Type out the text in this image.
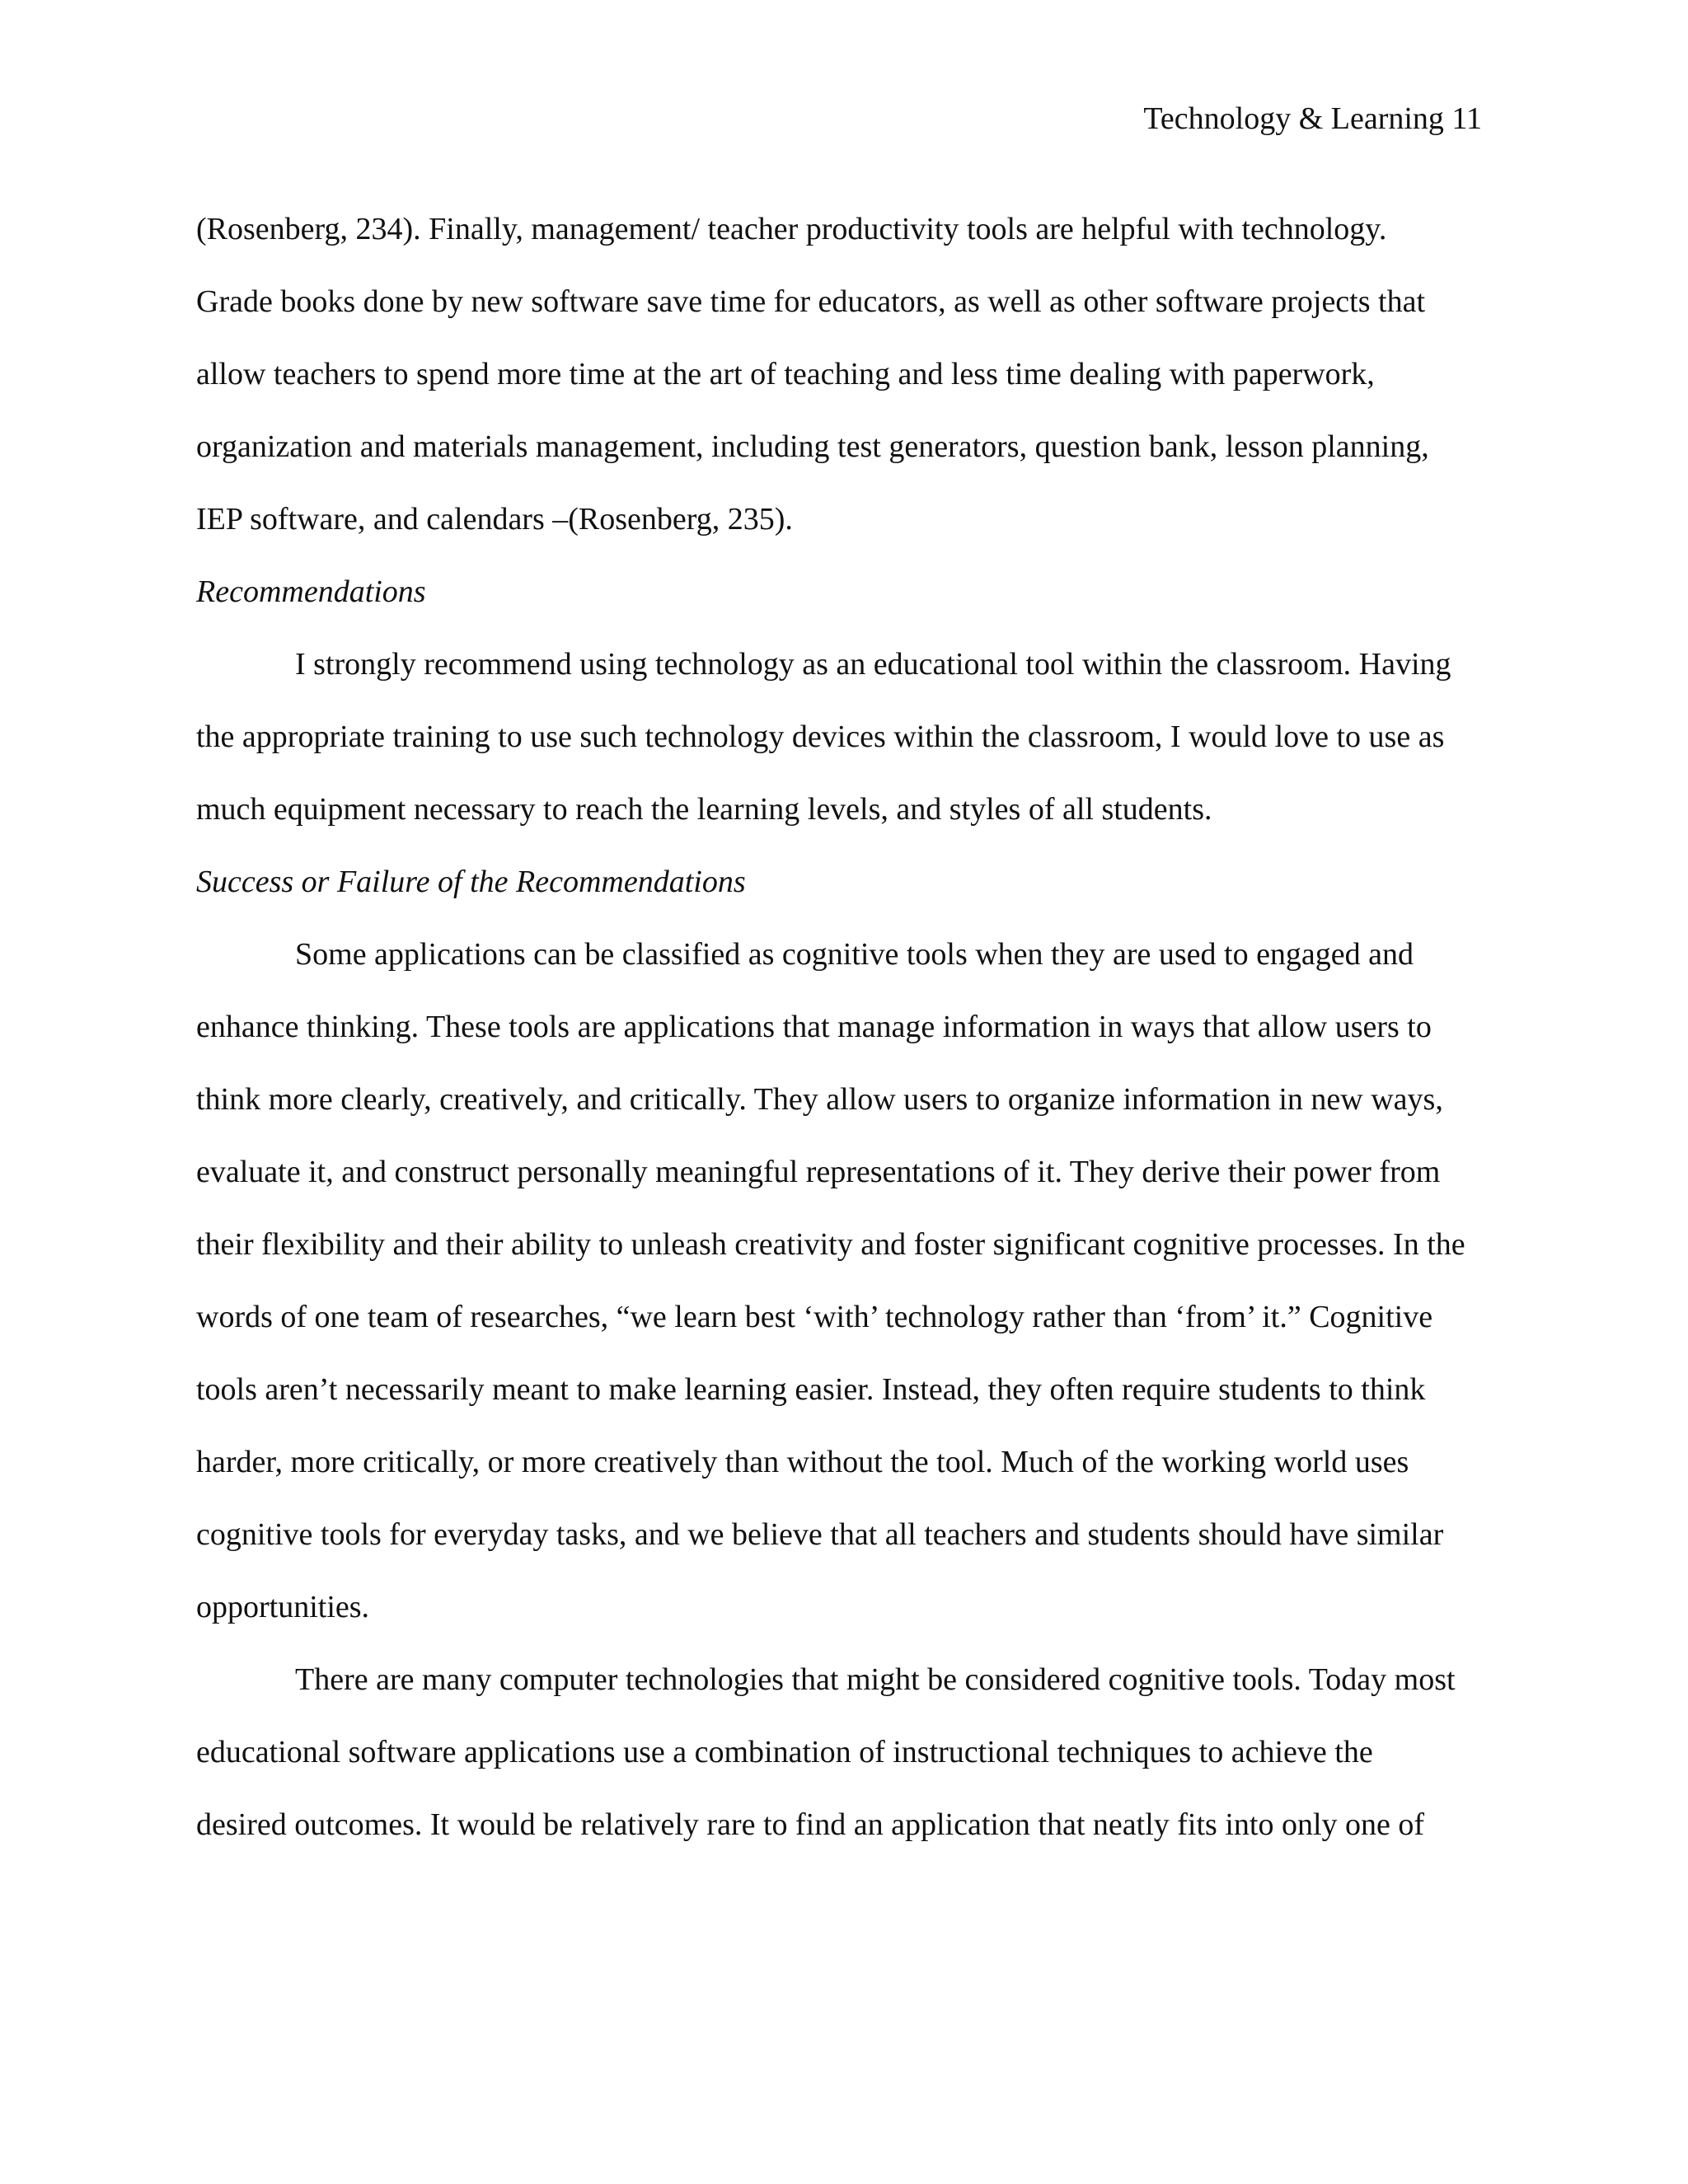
Technology & Learning 11
(Rosenberg, 234). Finally, management/ teacher productivity tools are helpful with technology.
Grade books done by new software save time for educators, as well as other software projects that
allow teachers to spend more time at the art of teaching and less time dealing with paperwork,
organization and materials management, including test generators, question bank, lesson planning,
IEP software, and calendars –(Rosenberg, 235).
Recommendations
I strongly recommend using technology as an educational tool within the classroom. Having
the appropriate training to use such technology devices within the classroom, I would love to use as
much equipment necessary to reach the learning levels, and styles of all students.
Success or Failure of the Recommendations
Some applications can be classified as cognitive tools when they are used to engaged and
enhance thinking. These tools are applications that manage information in ways that allow users to
think more clearly, creatively, and critically. They allow users to organize information in new ways,
evaluate it, and construct personally meaningful representations of it. They derive their power from
their flexibility and their ability to unleash creativity and foster significant cognitive processes. In the
words of one team of researches, “we learn best ‘with’ technology rather than ‘from’ it.” Cognitive
tools aren’t necessarily meant to make learning easier. Instead, they often require students to think
harder, more critically, or more creatively than without the tool. Much of the working world uses
cognitive tools for everyday tasks, and we believe that all teachers and students should have similar
opportunities.
There are many computer technologies that might be considered cognitive tools. Today most
educational software applications use a combination of instructional techniques to achieve the
desired outcomes. It would be relatively rare to find an application that neatly fits into only one of
